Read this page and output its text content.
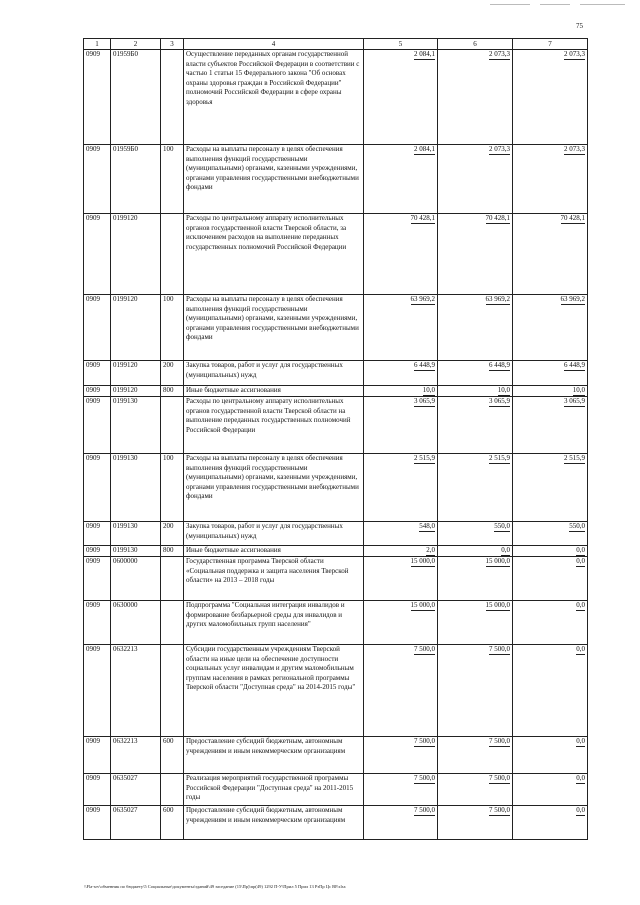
75
1	2	3	4	5	6	7
0909	01959Б0		Осуществление переданных органам государственной власти субъектов Российской Федерации в соответствии с частью 1 статьи 15 Федерального закона "Об основах охраны здоровья граждан в Российской Федерации" полномочий Российской Федерации в сфере охраны здоровья	2 084,1	2 073,3	2 073,3
0909	01959Б0	100	Расходы на выплаты персоналу в целях обеспечения выполнения функций государственными (муниципальными) органами, казенными учреждениями, органами управления государственными внебюджетными фондами	2 084,1	2 073,3	2 073,3
0909	0199120		Расходы по центральному аппарату исполнительных органов государственной власти Тверской области, за исключением расходов на выполнение переданных государственных полномочий Российской Федерации	70 428,1	70 428,1	70 428,1
0909	0199120	100	Расходы на выплаты персоналу в целях обеспечения выполнения функций государственными (муниципальными) органами, казенными учреждениями, органами управления государственными внебюджетными фондами	63 969,2	63 969,2	63 969,2
0909	0199120	200	Закупка товаров, работ и услуг для государственных (муниципальных) нужд	6 448,9	6 448,9	6 448,9
0909	0199120	800	Иные бюджетные ассигнования	10,0	10,0	10,0
0909	0199130		Расходы по центральному аппарату исполнительных органов государственной власти Тверской области на выполнение переданных государственных полномочий Российской Федерации	3 065,9	3 065,9	3 065,9
0909	0199130	100	Расходы на выплаты персоналу в целях обеспечения выполнения функций государственными (муниципальными) органами, казенными учреждениями, органами управления государственными внебюджетными фондами	2 515,9	2 515,9	2 515,9
0909	0199130	200	Закупка товаров, работ и услуг для государственных (муниципальных) нужд	548,0	550,0	550,0
0909	0199130	800	Иные бюджетные ассигнования	2,0	0,0	0,0
0909	0600000		Государственная программа Тверской области «Социальная поддержка и защита населения Тверской области» на 2013 – 2018 годы	15 000,0	15 000,0	0,0
0909	0630000		Подпрограмма "Социальная интеграция инвалидов и формирование безбарьерной среды для инвалидов и других маломобильных групп населения"	15 000,0	15 000,0	0,0
0909	0632213		Субсидии государственным учреждениям Тверской области на иные цели на обеспечение доступности социальных услуг инвалидам и другим маломобильным группам населения в рамках региональной программы Тверской области "Доступная среда" на 2014-2015 годы"	7 500,0	7 500,0	0,0
0909	0632213	600	Предоставление субсидий бюджетным, автономным учреждениям и иным некоммерческим организациям	7 500,0	7 500,0	0,0
0909	0635027		Реализация мероприятий государственной программы Российской Федерации "Доступная среда" на 2011-2015 годы	7 500,0	7 500,0	0,0
0909	0635027	600	Предоставление субсидий бюджетным, автономным учреждениям и иным некоммерческим организациям	7 500,0	7 500,0	0,0
\\Fla-srv\обменник по бюджету\5 Социальные\документы\зданий\49 заседание (15\Пр)\пр(49) 1292 П-У\Прил 5 Прил 13 РзПр Цс ВР.xlsx
